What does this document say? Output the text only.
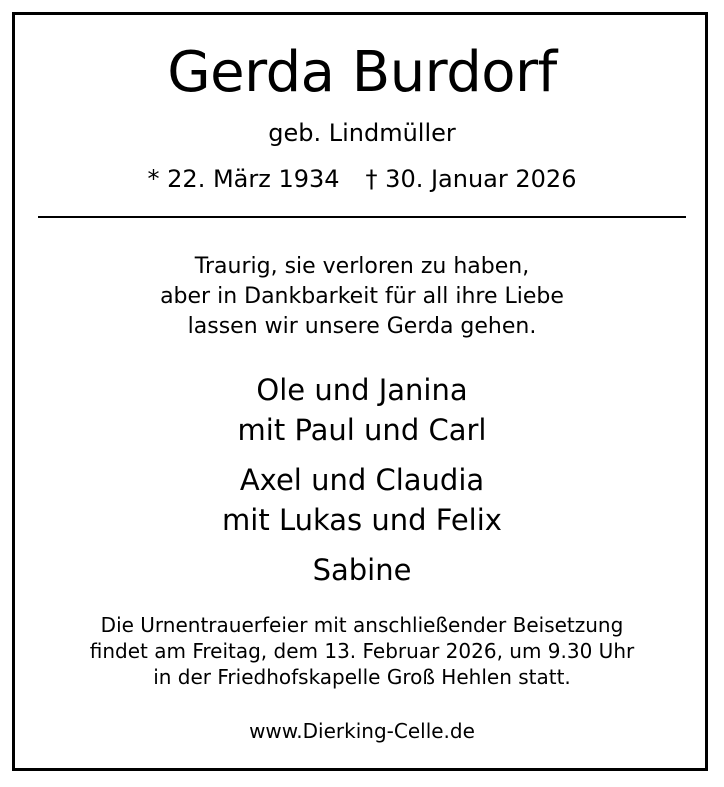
Gerda Burdorf
geb. Lindmüller
* 22. März 1934 † 30. Januar 2026
Traurig, sie verloren zu haben,
aber in Dankbarkeit für all ihre Liebe
lassen wir unsere Gerda gehen.
Ole und Janina
mit Paul und Carl
Axel und Claudia
mit Lukas und Felix
Sabine
Die Urnentrauerfeier mit anschließender Beisetzung
findet am Freitag, dem 13. Februar 2026, um 9.30 Uhr
in der Friedhofskapelle Groß Hehlen statt.
www.Dierking-Celle.de
